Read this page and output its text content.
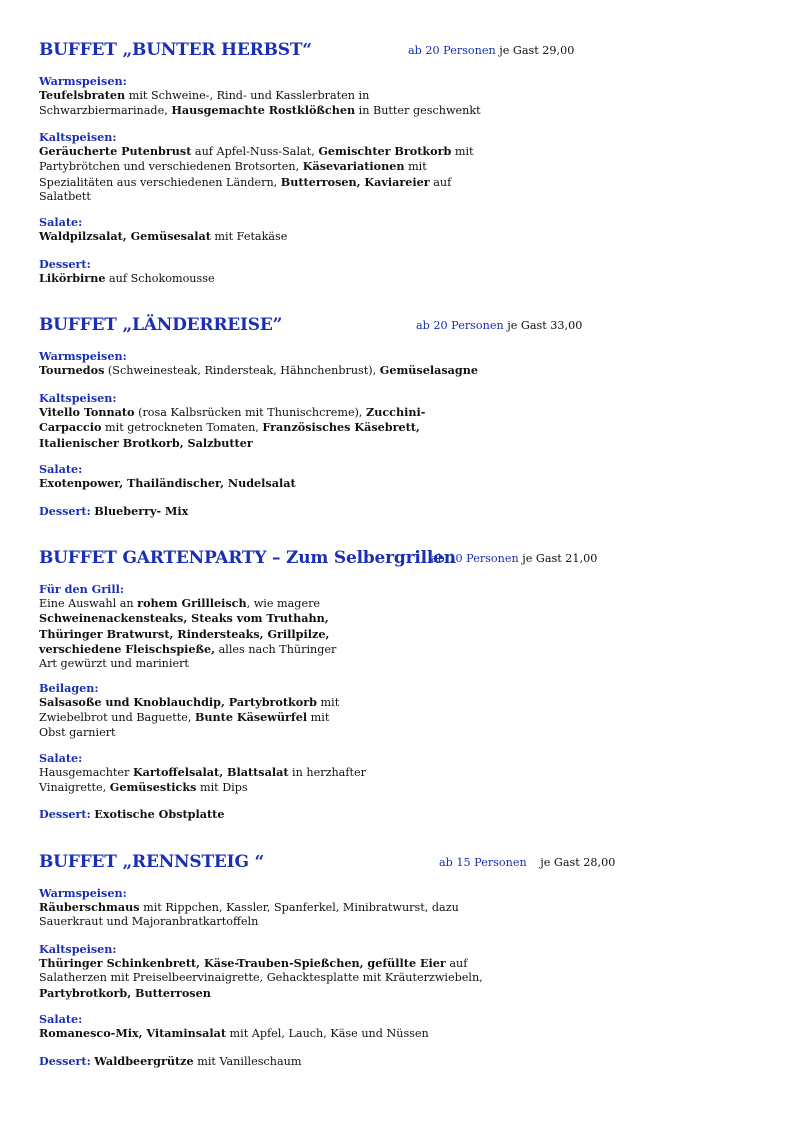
BUFFET „BUNTER HERBST“	ab 20 Personen je Gast 29,00
Warmspeisen:
Teufelsbraten mit Schweine-, Rind- und Kasslerbraten in
Schwarzbiermarinade, Hausgemachte Rostklößchen in Butter geschwenkt
Kaltspeisen:
Geräucherte Putenbrust auf Apfel-Nuss-Salat, Gemischter Brotkorb mit
Partybrötchen und verschiedenen Brotsorten, Käsevariationen mit
Spezialitäten aus verschiedenen Ländern, Butterrosen, Kaviareier auf
Salatbett
Salate:
Waldpilzsalat, Gemüsesalat mit Fetakäse
Dessert:
Likörbirne auf Schokomousse
BUFFET „LÄNDERREISE”	ab 20 Personen je Gast 33,00
Warmspeisen:
Tournedos (Schweinesteak, Rindersteak, Hähnchenbrust), Gemüselasagne
Kaltspeisen:
Vitello Tonnato (rosa Kalbsrücken mit Thunischcreme), Zucchini-
Carpaccio mit getrockneten Tomaten, Französisches Käsebrett,
Italienischer Brotkorb, Salzbutter
Salate:
Exotenpower, Thailändischer, Nudelsalat
Dessert: Blueberry- Mix
BUFFET GARTENPARTY – Zum Selbergrillen
ab 10 Personen je Gast 21,00
Für den Grill:
Eine Auswahl an rohem Grillleisch, wie magere
Schweinenackensteaks, Steaks vom Truthahn,
Thüringer Bratwurst, Rindersteaks, Grillpilze,
verschiedene Fleischspieße, alles nach Thüringer
Art gewürzt und mariniert
Beilagen:
Salsasoße und Knoblauchdip, Partybrotkorb mit
Zwiebelbrot und Baguette, Bunte Käsewürfel mit
Obst garniert
Salate:
Hausgemachter Kartoffelsalat, Blattsalat in herzhafter
Vinaigrette, Gemüsesticks mit Dips
Dessert: Exotische Obstplatte
BUFFET „RENNSTEIG “	ab 15 Personen je Gast 28,00
Warmspeisen:
Räuberschmaus mit Rippchen, Kassler, Spanferkel, Minibratwurst, dazu
Sauerkraut und Majoranbratkartoffeln
Kaltspeisen:
Thüringer Schinkenbrett, Käse-Trauben-Spießchen, gefüllte Eier auf
Salatherzen mit Preiselbeervinaigrette, Gehacktesplatte mit Kräuterzwiebeln,
Partybrotkorb, Butterrosen
Salate:
Romanesco-Mix, Vitaminsalat mit Apfel, Lauch, Käse und Nüssen
Dessert: Waldbeergrütze mit Vanilleschaum
